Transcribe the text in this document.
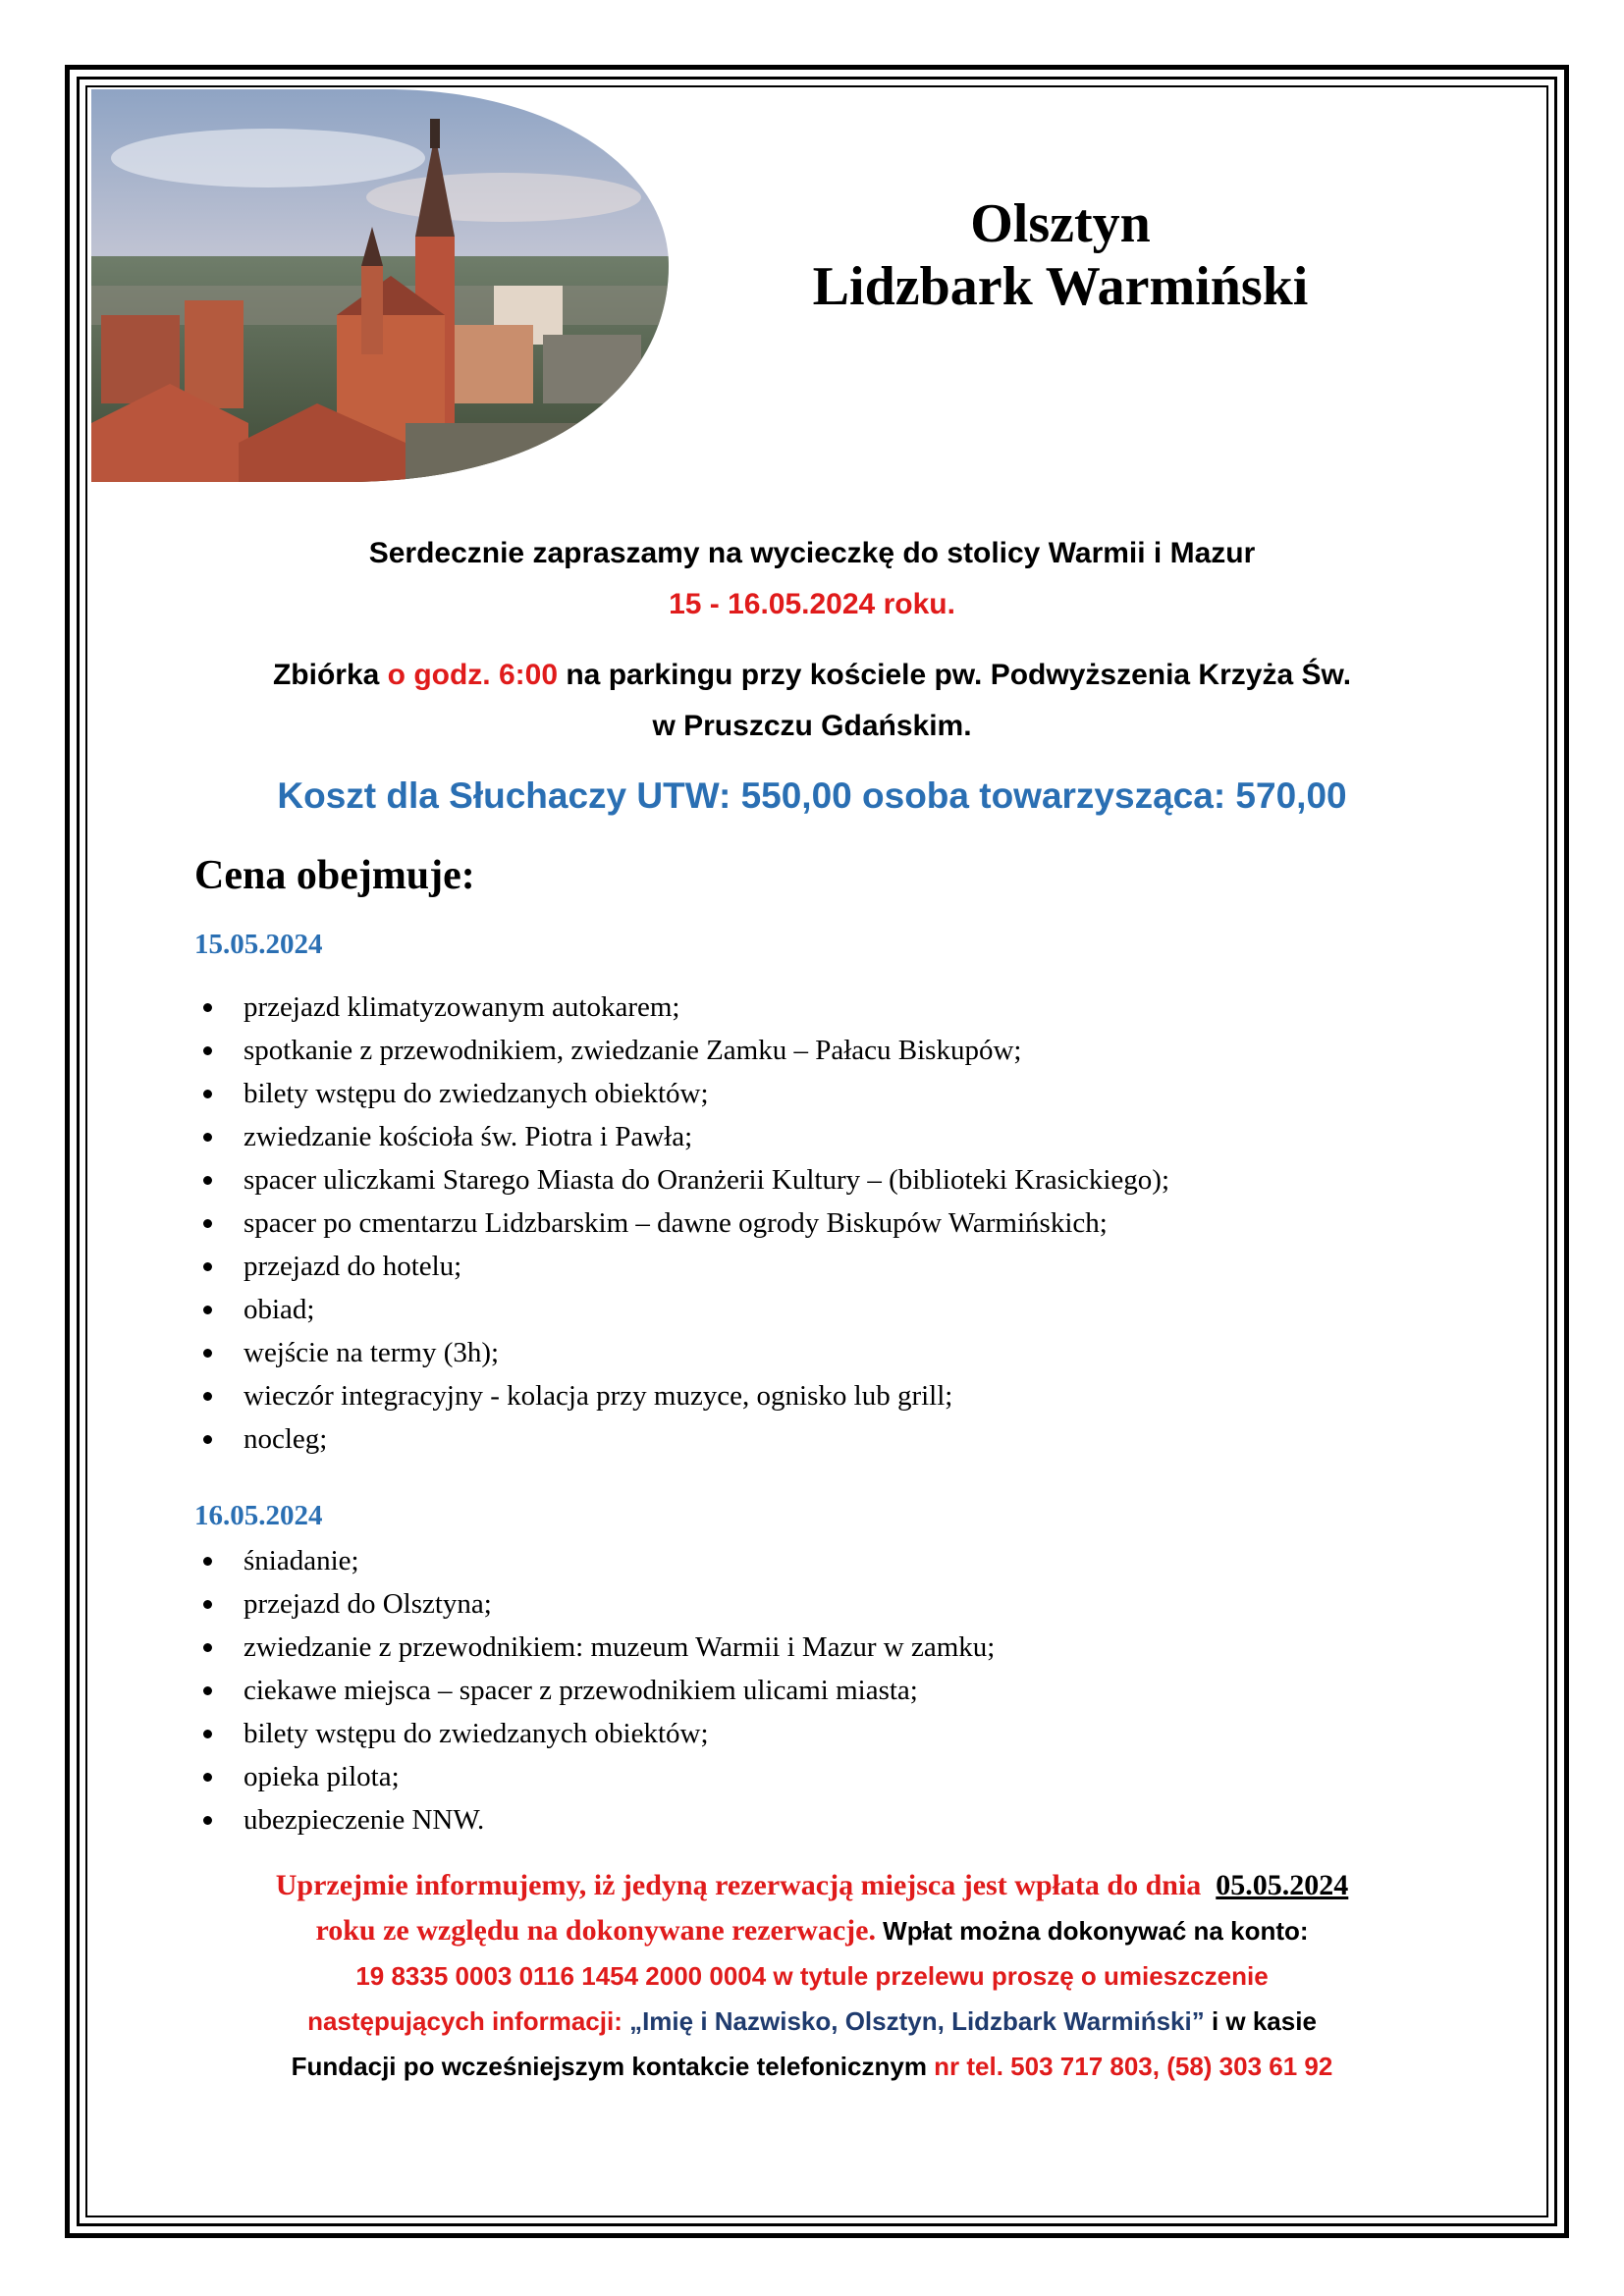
Olsztyn
Lidzbark Warmiński
Serdecznie zapraszamy na wycieczkę do stolicy Warmii i Mazur
15 - 16.05.2024 roku.
Zbiórka o godz. 6:00 na parkingu przy kościele pw. Podwyższenia Krzyża Św.
w Pruszczu Gdańskim.
Koszt dla Słuchaczy UTW: 550,00 osoba towarzysząca: 570,00
Cena obejmuje:
15.05.2024
przejazd klimatyzowanym autokarem;
spotkanie z przewodnikiem, zwiedzanie Zamku – Pałacu Biskupów;
bilety wstępu do zwiedzanych obiektów;
zwiedzanie kościoła św. Piotra i Pawła;
spacer uliczkami Starego Miasta do Oranżerii Kultury – (biblioteki Krasickiego);
spacer po cmentarzu Lidzbarskim – dawne ogrody Biskupów Warmińskich;
przejazd do hotelu;
obiad;
wejście na termy (3h);
wieczór integracyjny - kolacja przy muzyce, ognisko lub grill;
nocleg;
16.05.2024
śniadanie;
przejazd do Olsztyna;
zwiedzanie z przewodnikiem: muzeum Warmii i Mazur w zamku;
ciekawe miejsca – spacer z przewodnikiem ulicami miasta;
bilety wstępu do zwiedzanych obiektów;
opieka pilota;
ubezpieczenie NNW.
Uprzejmie informujemy, iż jedyną rezerwacją miejsca jest wpłata do dnia 05.05.2024
roku ze względu na dokonywane rezerwacje. Wpłat można dokonywać na konto:
19 8335 0003 0116 1454 2000 0004 w tytule przelewu proszę o umieszczenie
następujących informacji: „Imię i Nazwisko, Olsztyn, Lidzbark Warmiński” i w kasie
Fundacji po wcześniejszym kontakcie telefonicznym nr tel. 503 717 803, (58) 303 61 92
